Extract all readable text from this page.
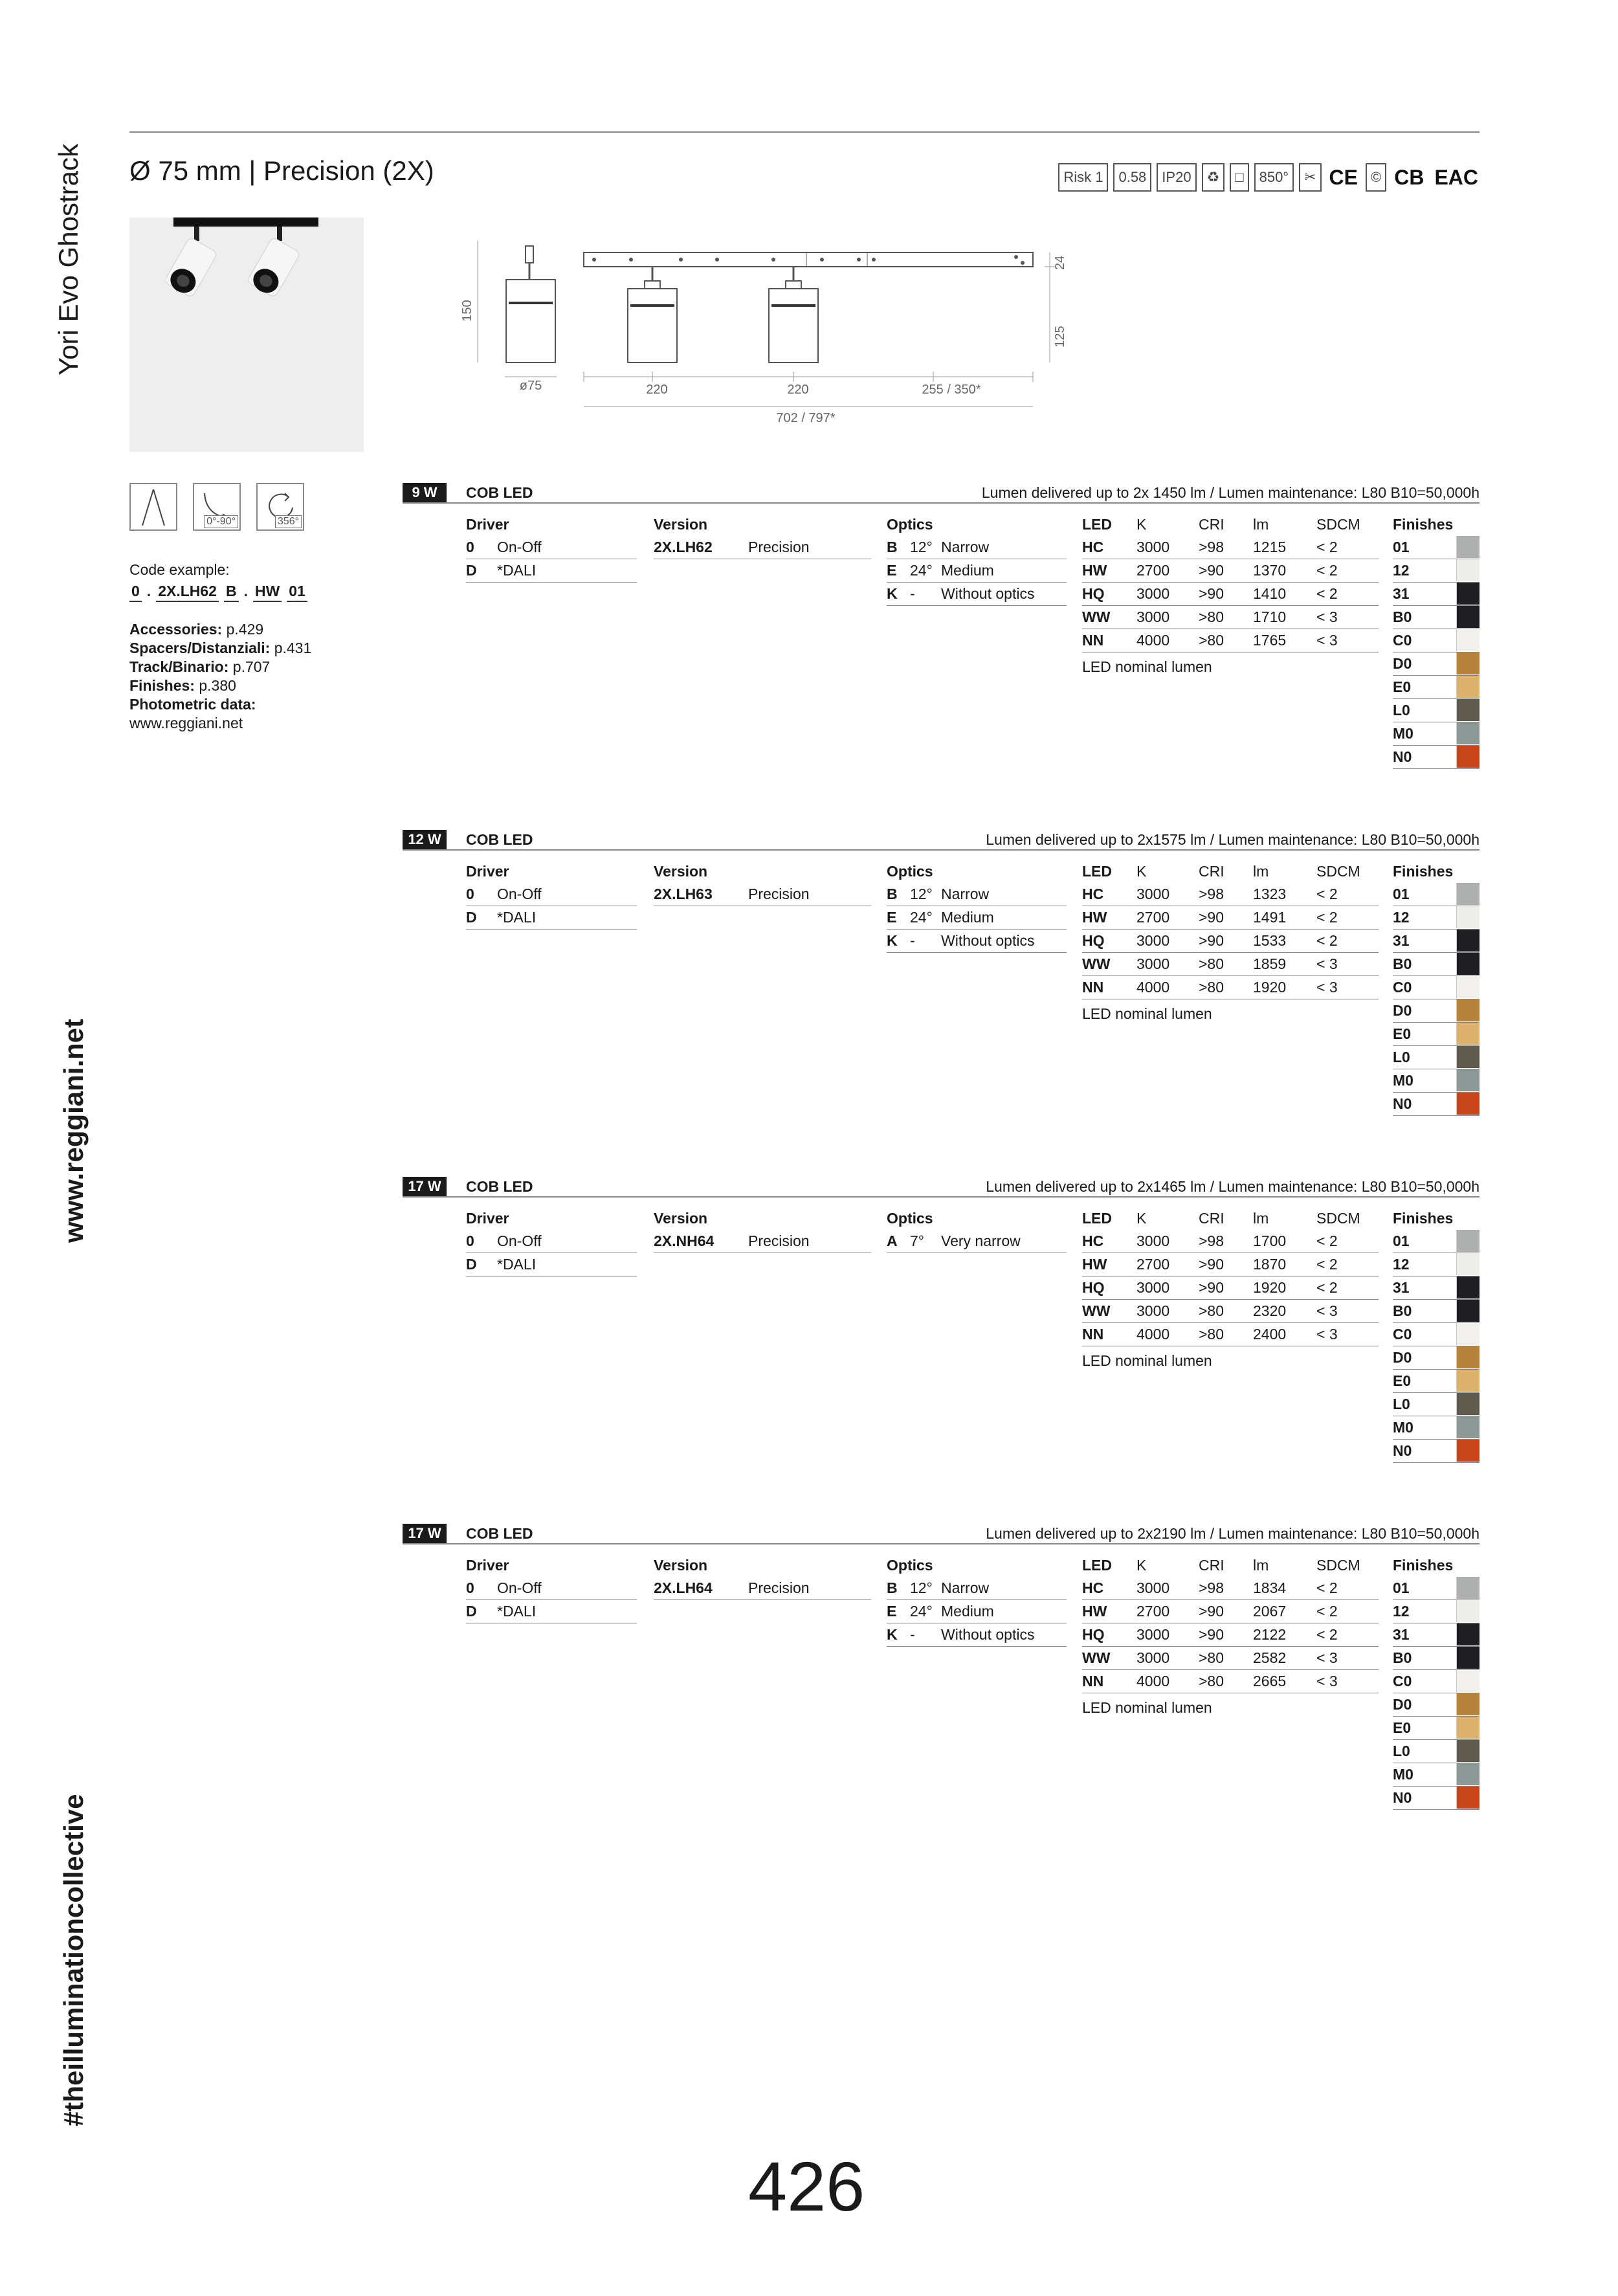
Yori Evo Ghostrack
www.reggiani.net
#theilluminationcollective
Ø 75 mm | Precision (2X)	Risk 1	0.58	IP20	♻	□	850°	✂ CE © CB EAC
150
ø75
24
125
220	220	255 / 350*
702 / 797*
0°-90°	356°
Code example:
0 . 2X.LH62 B . HW 01
Accessories: p.429
Spacers/Distanziali: p.431
Track/Binario: p.707
Finishes: p.380
Photometric data:
www.reggiani.net
9 W	COB LED	Lumen delivered up to 2x 1450 lm / Lumen maintenance: L80 B10=50,000h
Driver
0	On-Off
D	*DALI
Version
2X.LH62	Precision
Optics
B 12° Narrow
E 24° Medium
K -	Without optics
LED	K	CRI	lm	SDCM
HC	3000	>98	1215	< 2
HW	2700	>90	1370	< 2
HQ	3000	>90	1410	< 2
WW	3000	>80	1710	< 3
NN	4000	>80	1765	< 3
LED nominal lumen
Finishes
01
12
31
B0
C0
D0
E0
L0
M0
N0
12 W	COB LED	Lumen delivered up to 2x1575 lm / Lumen maintenance: L80 B10=50,000h
Driver
0	On-Off
D	*DALI
Version
2X.LH63	Precision
Optics
B 12° Narrow
E 24° Medium
K -	Without optics
LED	K	CRI	lm	SDCM
HC	3000	>98	1323	< 2
HW	2700	>90	1491	< 2
HQ	3000	>90	1533	< 2
WW	3000	>80	1859	< 3
NN	4000	>80	1920	< 3
LED nominal lumen
Finishes
01
12
31
B0
C0
D0
E0
L0
M0
N0
17 W	COB LED	Lumen delivered up to 2x1465 lm / Lumen maintenance: L80 B10=50,000h
Driver
0	On-Off
D	*DALI
Version
2X.NH64	Precision
Optics
A 7°	Very narrow
LED	K	CRI	lm	SDCM
HC	3000	>98	1700	< 2
HW	2700	>90	1870	< 2
HQ	3000	>90	1920	< 2
WW	3000	>80	2320	< 3
NN	4000	>80	2400	< 3
LED nominal lumen
Finishes
01
12
31
B0
C0
D0
E0
L0
M0
N0
17 W	COB LED	Lumen delivered up to 2x2190 lm / Lumen maintenance: L80 B10=50,000h
Driver
0	On-Off
D	*DALI
Version
2X.LH64	Precision
Optics
B 12° Narrow
E 24° Medium
K -	Without optics
LED	K	CRI	lm	SDCM
HC	3000	>98	1834	< 2
HW	2700	>90	2067	< 2
HQ	3000	>90	2122	< 2
WW	3000	>80	2582	< 3
NN	4000	>80	2665	< 3
LED nominal lumen
Finishes
01
12
31
B0
C0
D0
E0
L0
M0
N0
426
